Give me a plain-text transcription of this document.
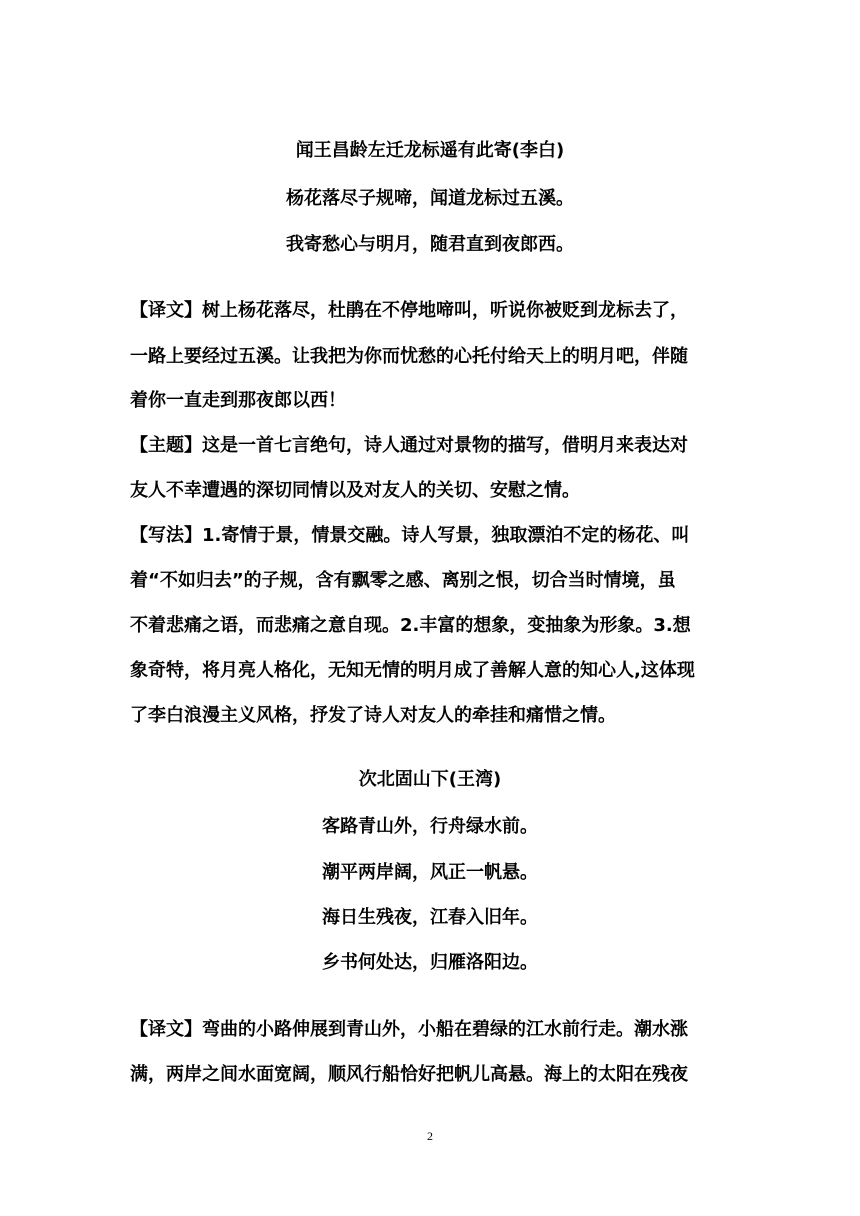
闻王昌龄左迁龙标遥有此寄(李白)
杨花落尽子规啼，闻道龙标过五溪。
我寄愁心与明月，随君直到夜郎西。
【译文】树上杨花落尽，杜鹃在不停地啼叫，听说你被贬到龙标去了，
一路上要经过五溪。让我把为你而忧愁的心托付给天上的明月吧，伴随
着你一直走到那夜郎以西！
【主题】这是一首七言绝句，诗人通过对景物的描写，借明月来表达对
友人不幸遭遇的深切同情以及对友人的关切、安慰之情。
【写法】1.寄情于景，情景交融。诗人写景，独取漂泊不定的杨花、叫
着“不如归去”的子规，含有飘零之感、离别之恨，切合当时情境，虽
不着悲痛之语，而悲痛之意自现。2.丰富的想象，变抽象为形象。3.想
象奇特，将月亮人格化，无知无情的明月成了善解人意的知心人,这体现
了李白浪漫主义风格，抒发了诗人对友人的牵挂和痛惜之情。
次北固山下(王湾)
客路青山外，行舟绿水前。
潮平两岸阔，风正一帆悬。
海日生残夜，江春入旧年。
乡书何处达，归雁洛阳边。
【译文】弯曲的小路伸展到青山外，小船在碧绿的江水前行走。潮水涨
满，两岸之间水面宽阔，顺风行船恰好把帆儿高悬。海上的太阳在残夜
2
